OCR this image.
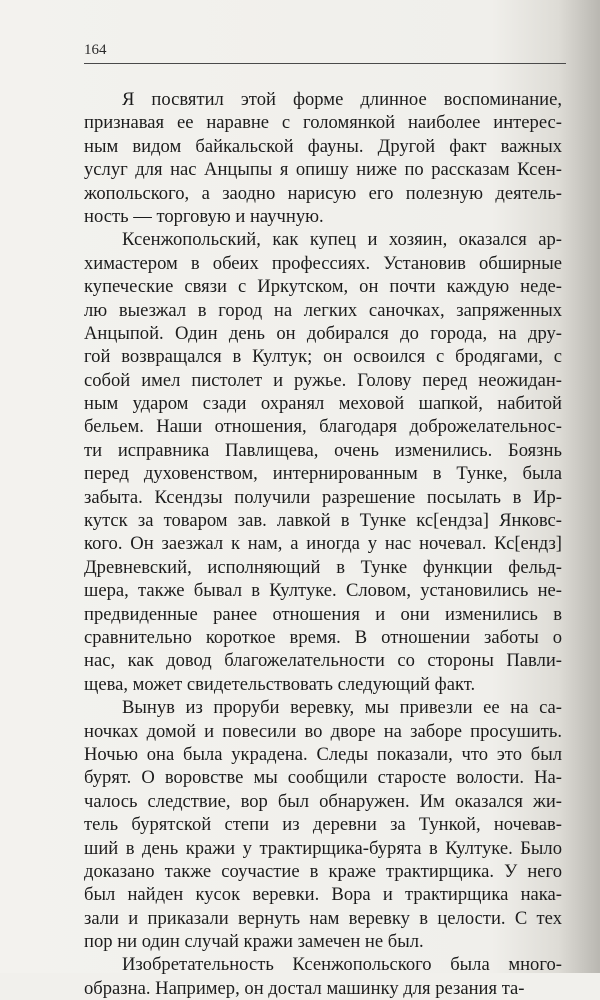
164
Я посвятил этой форме длинное воспоминание,
признавая ее наравне с голомянкой наиболее интерес-
ным видом байкальской фауны. Другой факт важных
услуг для нас Анцыпы я опишу ниже по рассказам Ксен-
жопольского, а заодно нарисую его полезную деятель-
ность — торговую и научную.
Ксенжопольский, как купец и хозяин, оказался ар-
химастером в обеих профессиях. Установив обширные
купеческие связи с Иркутском, он почти каждую неде-
лю выезжал в город на легких саночках, запряженных
Анцыпой. Один день он добирался до города, на дру-
гой возвращался в Култук; он освоился с бродягами, с
собой имел пистолет и ружье. Голову перед неожидан-
ным ударом сзади охранял меховой шапкой, набитой
бельем. Наши отношения, благодаря доброжелательнос-
ти исправника Павлищева, очень изменились. Боязнь
перед духовенством, интернированным в Тунке, была
забыта. Ксендзы получили разрешение посылать в Ир-
кутск за товаром зав. лавкой в Тунке кс[ендза] Янковс-
кого. Он заезжал к нам, а иногда у нас ночевал. Кс[ендз]
Древневский, исполняющий в Тунке функции фельд-
шера, также бывал в Култуке. Словом, установились не-
предвиденные ранее отношения и они изменились в
сравнительно короткое время. В отношении заботы о
нас, как довод благожелательности со стороны Павли-
щева, может свидетельствовать следующий факт.
Вынув из проруби веревку, мы привезли ее на са-
ночках домой и повесили во дворе на заборе просушить.
Ночью она была украдена. Следы показали, что это был
бурят. О воровстве мы сообщили старосте волости. На-
чалось следствие, вор был обнаружен. Им оказался жи-
тель бурятской степи из деревни за Тункой, ночевав-
ший в день кражи у трактирщика-бурята в Култуке. Было
доказано также соучастие в краже трактирщика. У него
был найден кусок веревки. Вора и трактирщика нака-
зали и приказали вернуть нам веревку в целости. С тех
пор ни один случай кражи замечен не был.
Изобретательность Ксенжопольского была много-
образна. Например, он достал машинку для резания та-
